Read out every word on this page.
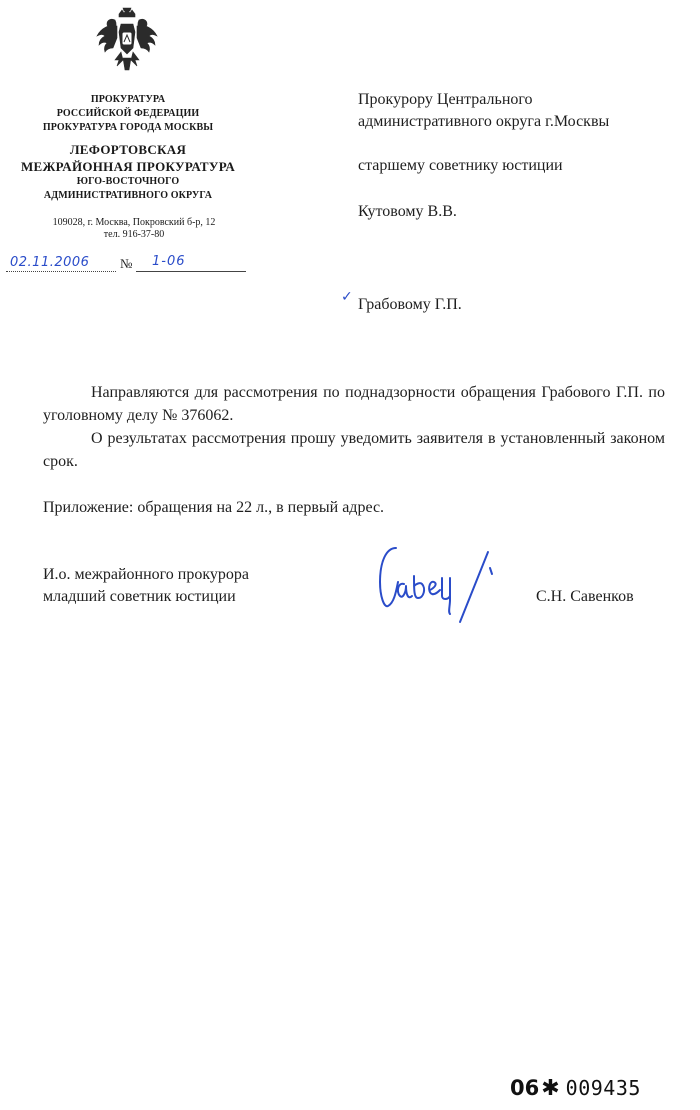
ПРОКУРАТУРА
РОССИЙСКОЙ ФЕДЕРАЦИИ
ПРОКУРАТУРА ГОРОДА МОСКВЫ
ЛЕФОРТОВСКАЯ
МЕЖРАЙОННАЯ ПРОКУРАТУРА
ЮГО-ВОСТОЧНОГО
АДМИНИСТРАТИВНОГО ОКРУГА
109028, г. Москва, Покровский б-р, 12
тел. 916-37-80
02.11.2006 № 1-06
Прокурору Центрального
административного округа г.Москвы
старшему советнику юстиции
Кутовому В.В.
✓ Грабовому Г.П.
Направляются для рассмотрения по поднадзорности обращения Грабового Г.П. по уголовному делу № 376062.
О результатах рассмотрения прошу уведомить заявителя в установленный законом срок.
Приложение: обращения на 22 л., в первый адрес.
И.о. межрайонного прокурора
младший советник юстиции	С.Н. Савенков
06✱ 009435
